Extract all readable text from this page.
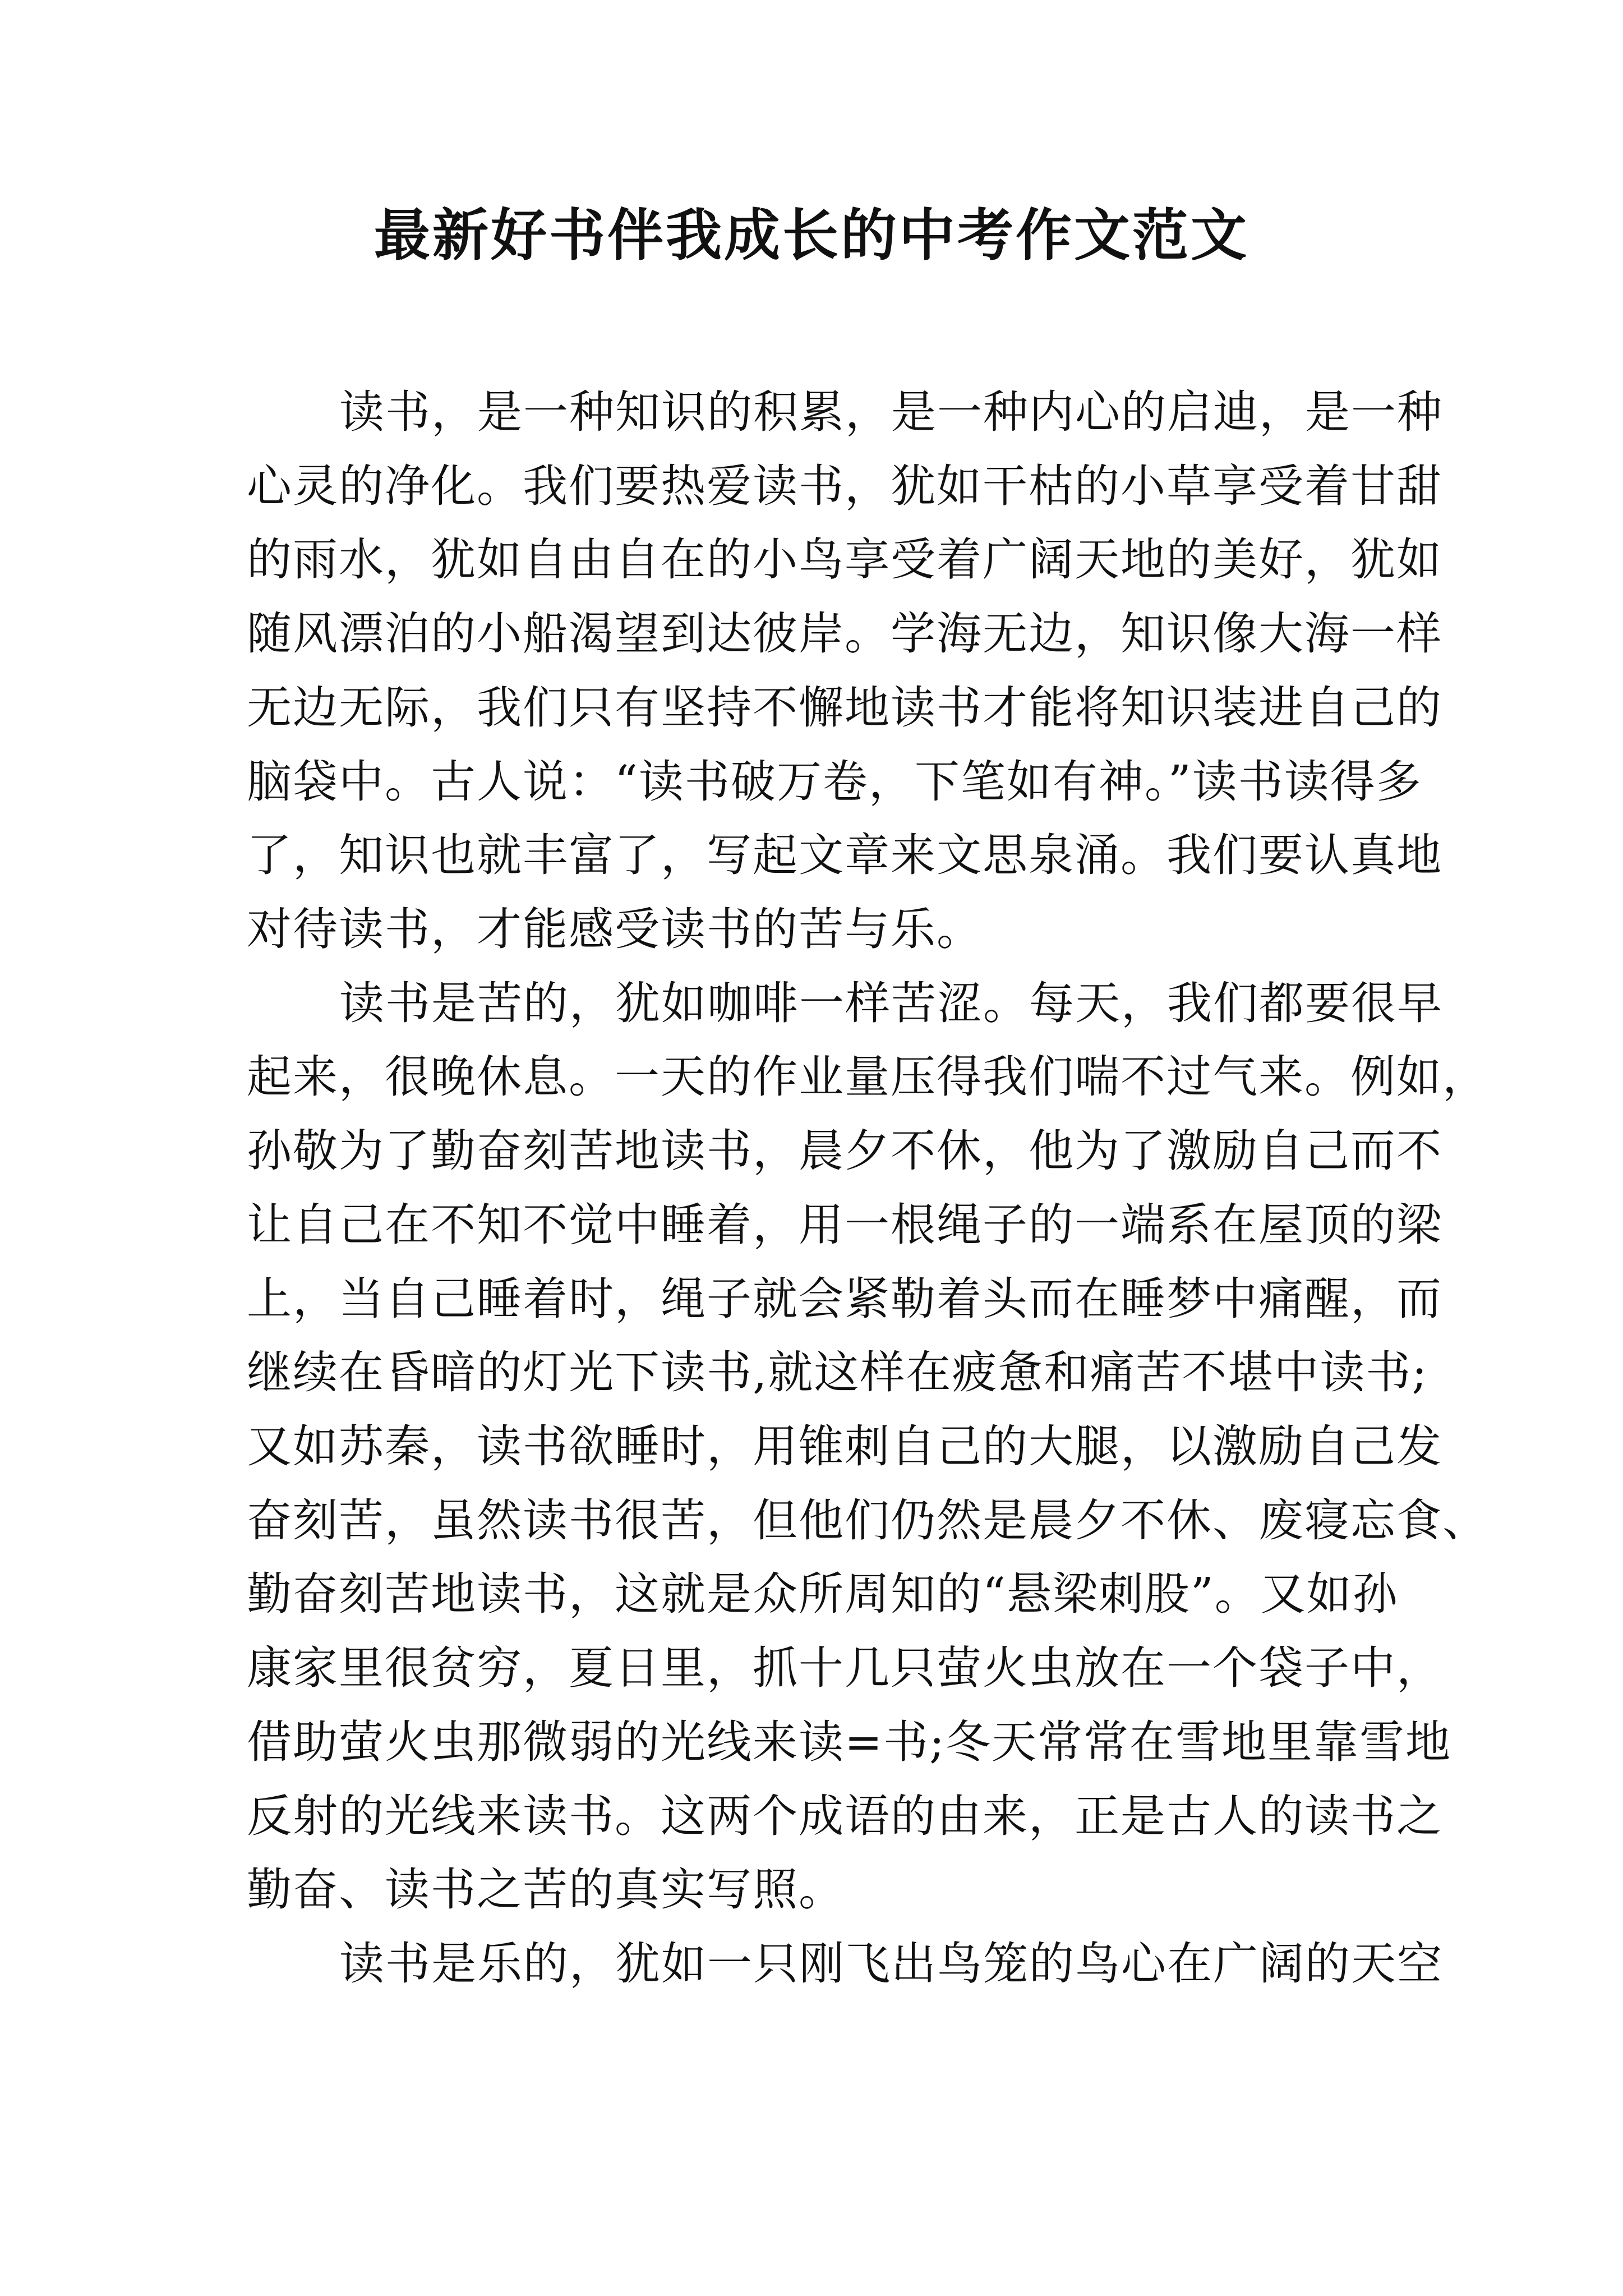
最新好书伴我成长的中考作文范文

读书，是一种知识的积累，是一种内心的启迪，是一种

心灵的净化。我们要热爱读书，犹如干枯的小草享受着甘甜

的雨水，犹如自由自在的小鸟享受着广阔天地的美好，犹如

随风漂泊的小船渴望到达彼岸。学海无边，知识像大海一样

无边无际，我们只有坚持不懈地读书才能将知识装进自己的

脑袋中。古人说：“读书破万卷，下笔如有神。”读书读得多

了，知识也就丰富了，写起文章来文思泉涌。我们要认真地

对待读书，才能感受读书的苦与乐。

读书是苦的，犹如咖啡一样苦涩。每天，我们都要很早

起来，很晚休息。一天的作业量压得我们喘不过气来。例如，

孙敬为了勤奋刻苦地读书，晨夕不休，他为了激励自己而不

让自己在不知不觉中睡着，用一根绳子的一端系在屋顶的梁

上，当自己睡着时，绳子就会紧勒着头而在睡梦中痛醒，而

继续在昏暗的灯光下读书,就这样在疲惫和痛苦不堪中读书;

又如苏秦，读书欲睡时，用锥刺自己的大腿，以激励自己发

奋刻苦，虽然读书很苦，但他们仍然是晨夕不休、废寝忘食、

勤奋刻苦地读书，这就是众所周知的“悬梁刺股”。又如孙

康家里很贫穷，夏日里，抓十几只萤火虫放在一个袋子中，

借助萤火虫那微弱的光线来读=书;冬天常常在雪地里靠雪地

反射的光线来读书。这两个成语的由来，正是古人的读书之

勤奋、读书之苦的真实写照。

读书是乐的，犹如一只刚飞出鸟笼的鸟心在广阔的天空
